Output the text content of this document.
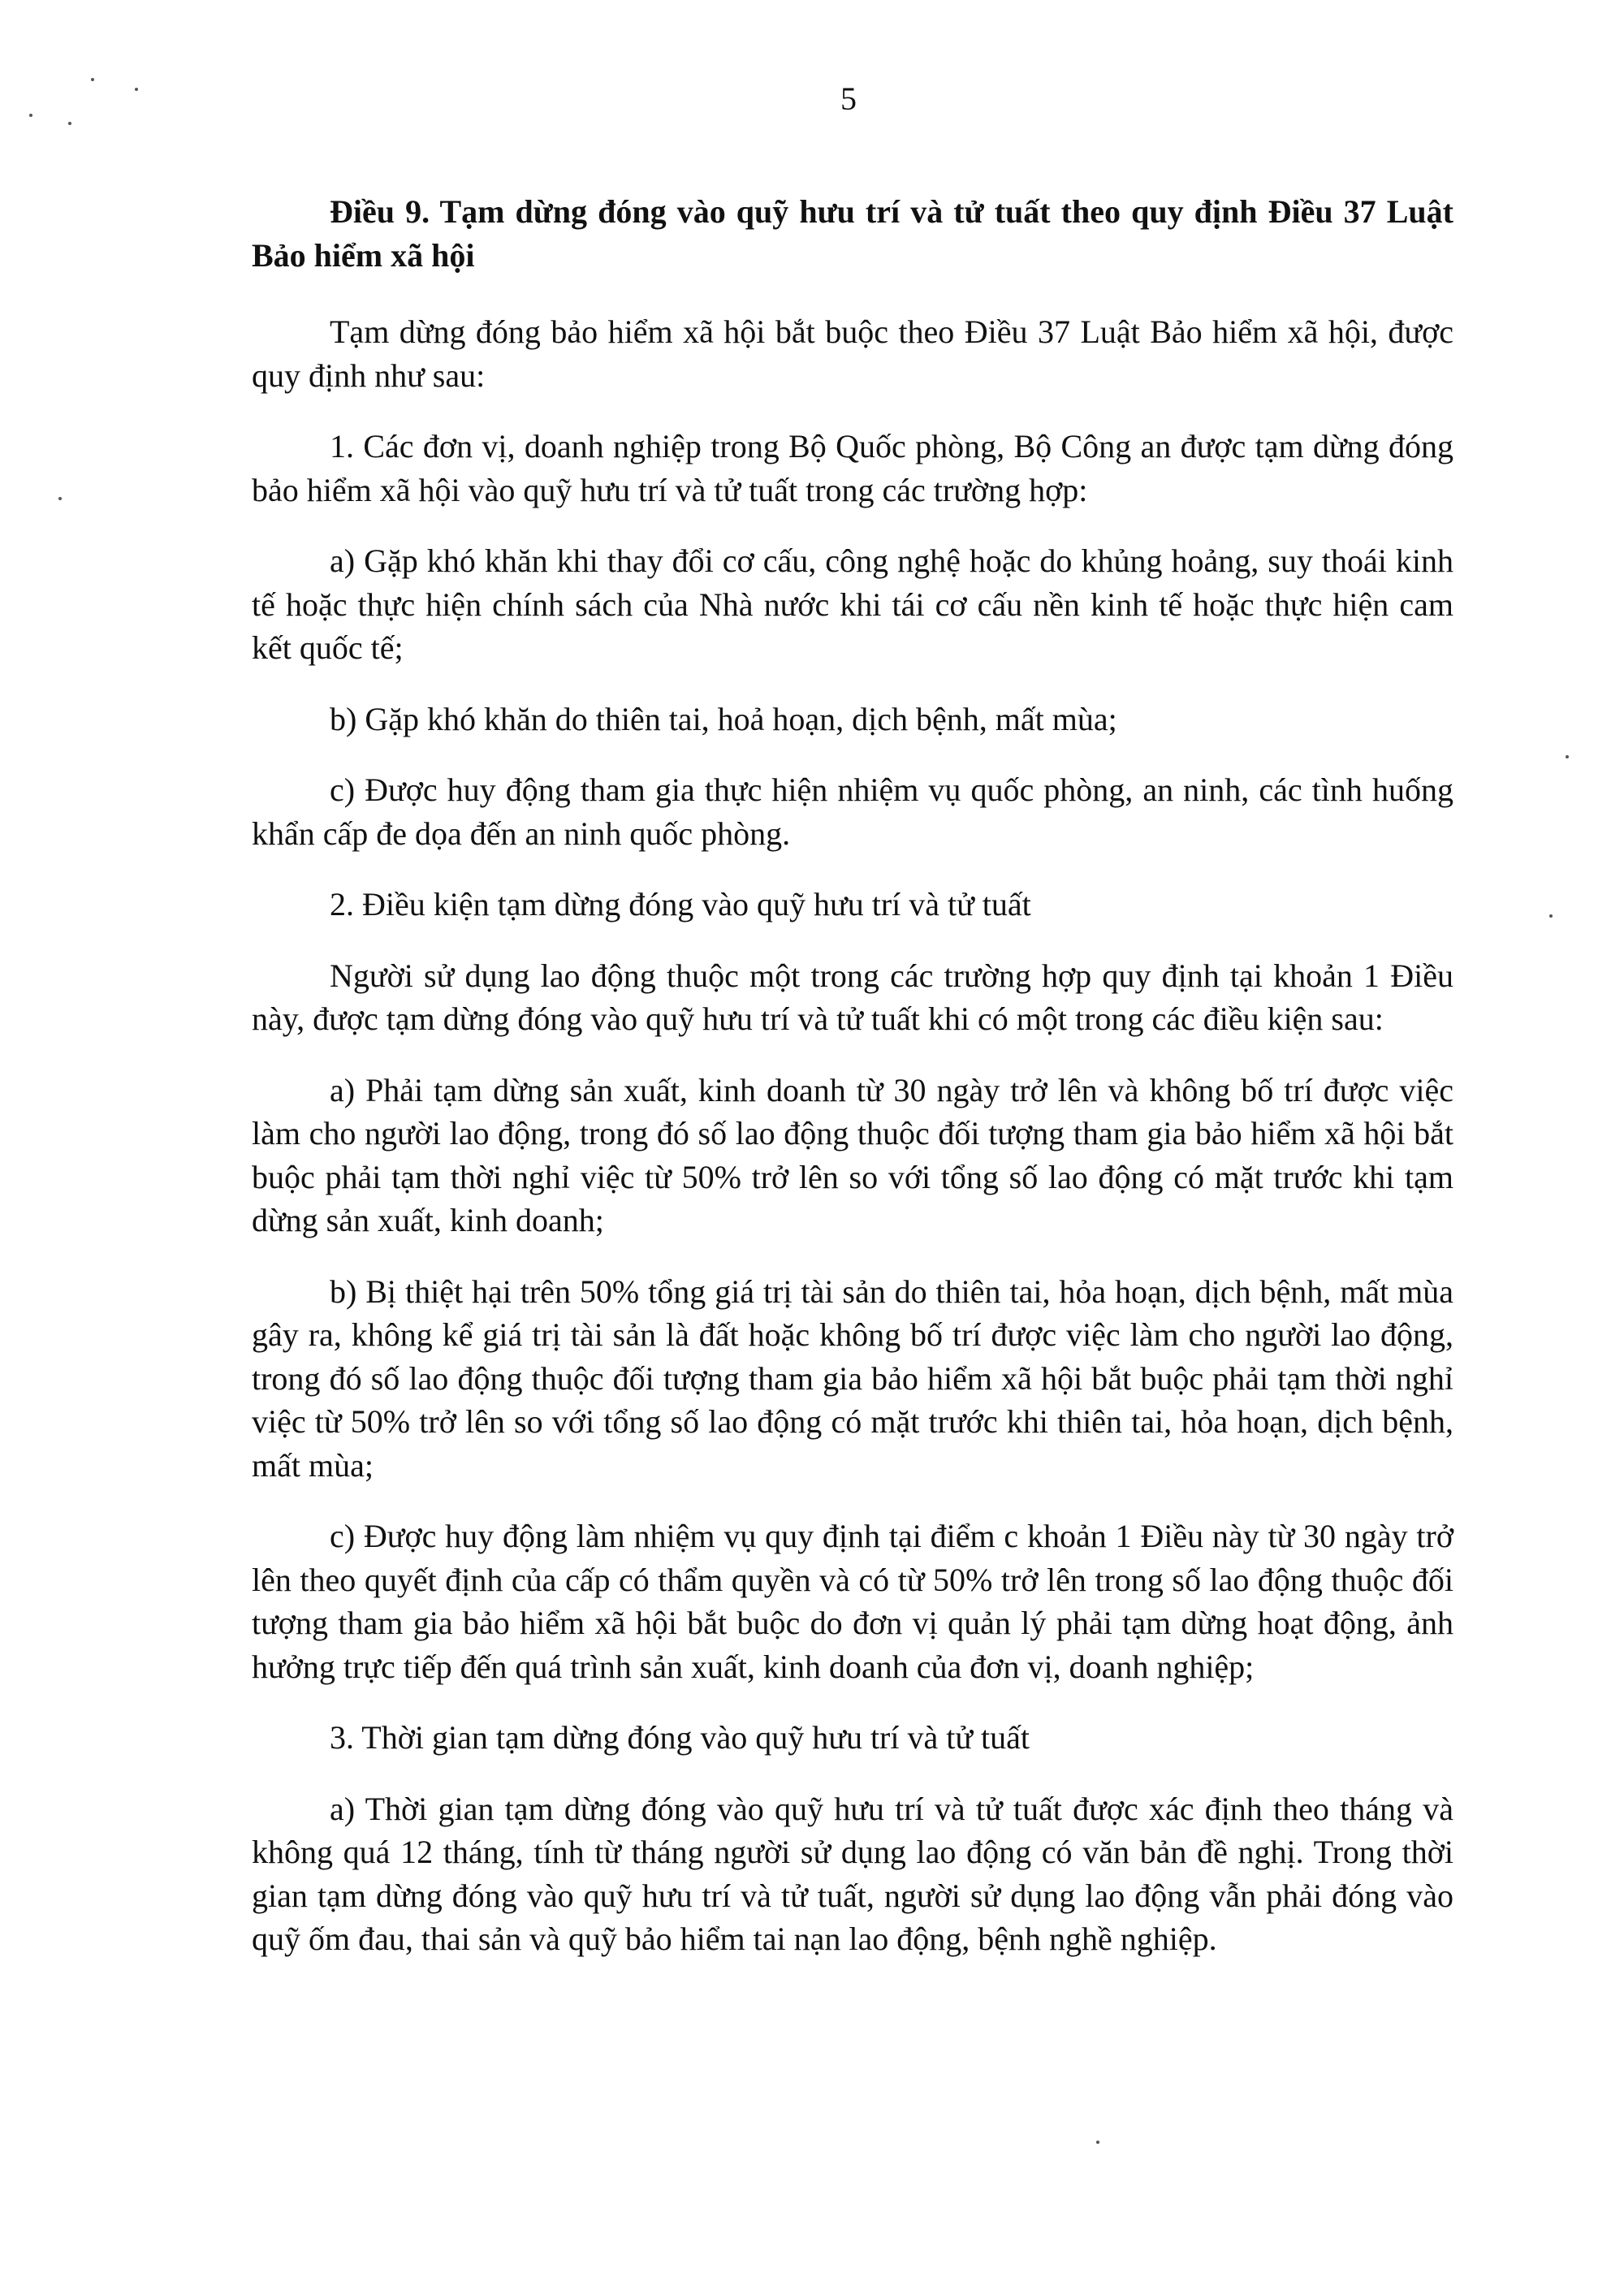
5

Điều 9. Tạm dừng đóng vào quỹ hưu trí và tử tuất theo quy định Điều 37 Luật Bảo hiểm xã hội

Tạm dừng đóng bảo hiểm xã hội bắt buộc theo Điều 37 Luật Bảo hiểm xã hội, được quy định như sau:

1. Các đơn vị, doanh nghiệp trong Bộ Quốc phòng, Bộ Công an được tạm dừng đóng bảo hiểm xã hội vào quỹ hưu trí và tử tuất trong các trường hợp:

a) Gặp khó khăn khi thay đổi cơ cấu, công nghệ hoặc do khủng hoảng, suy thoái kinh tế hoặc thực hiện chính sách của Nhà nước khi tái cơ cấu nền kinh tế hoặc thực hiện cam kết quốc tế;

b) Gặp khó khăn do thiên tai, hoả hoạn, dịch bệnh, mất mùa;

c) Được huy động tham gia thực hiện nhiệm vụ quốc phòng, an ninh, các tình huống khẩn cấp đe dọa đến an ninh quốc phòng.

2. Điều kiện tạm dừng đóng vào quỹ hưu trí và tử tuất

Người sử dụng lao động thuộc một trong các trường hợp quy định tại khoản 1 Điều này, được tạm dừng đóng vào quỹ hưu trí và tử tuất khi có một trong các điều kiện sau:

a) Phải tạm dừng sản xuất, kinh doanh từ 30 ngày trở lên và không bố trí được việc làm cho người lao động, trong đó số lao động thuộc đối tượng tham gia bảo hiểm xã hội bắt buộc phải tạm thời nghỉ việc từ 50% trở lên so với tổng số lao động có mặt trước khi tạm dừng sản xuất, kinh doanh;

b) Bị thiệt hại trên 50% tổng giá trị tài sản do thiên tai, hỏa hoạn, dịch bệnh, mất mùa gây ra, không kể giá trị tài sản là đất hoặc không bố trí được việc làm cho người lao động, trong đó số lao động thuộc đối tượng tham gia bảo hiểm xã hội bắt buộc phải tạm thời nghỉ việc từ 50% trở lên so với tổng số lao động có mặt trước khi thiên tai, hỏa hoạn, dịch bệnh, mất mùa;

c) Được huy động làm nhiệm vụ quy định tại điểm c khoản 1 Điều này từ 30 ngày trở lên theo quyết định của cấp có thẩm quyền và có từ 50% trở lên trong số lao động thuộc đối tượng tham gia bảo hiểm xã hội bắt buộc do đơn vị quản lý phải tạm dừng hoạt động, ảnh hưởng trực tiếp đến quá trình sản xuất, kinh doanh của đơn vị, doanh nghiệp;

3. Thời gian tạm dừng đóng vào quỹ hưu trí và tử tuất

a) Thời gian tạm dừng đóng vào quỹ hưu trí và tử tuất được xác định theo tháng và không quá 12 tháng, tính từ tháng người sử dụng lao động có văn bản đề nghị. Trong thời gian tạm dừng đóng vào quỹ hưu trí và tử tuất, người sử dụng lao động vẫn phải đóng vào quỹ ốm đau, thai sản và quỹ bảo hiểm tai nạn lao động, bệnh nghề nghiệp.
